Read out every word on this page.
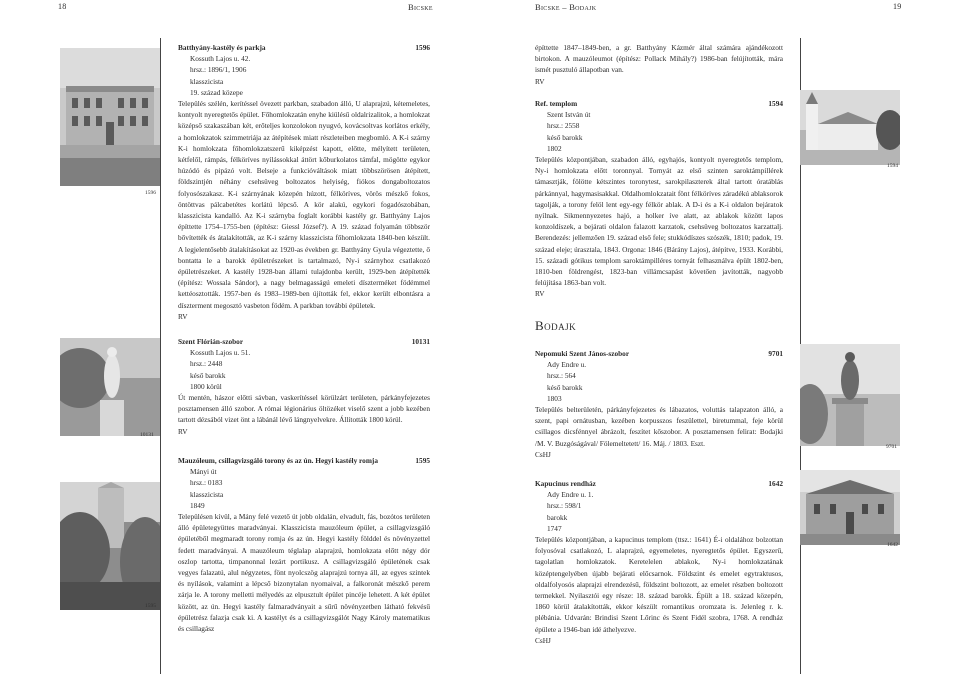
18	Bicske	Bicske – Bodajk	19
1596
10131
1595
1594
9701
1642
Batthyány-kastély és parkja	1596
Kossuth Lajos u. 42.
hrsz.: 1896/1, 1906
klasszicista
19. század közepe

Település szélén, kerítéssel övezett parkban, szabadon álló, U alaprajzú, kétemeletes, kontyolt nyeregtetős épület. Főhomlokzatán enyhe kiülésű oldalrizalitok, a homlokzat középső szakaszában két, erőteljes konzolokon nyugvó, kovácsoltvas korlátos erkély, a homlokzatok szimmetriája az átépítések miatt részleteiben megbomló. A K-i szárny K-i homlokzata főhomlokzatszerű kiképzést kapott, előtte, mélyített területen, kétfelől, rámpás, félköríves nyílássokkal áttört kőburkolatos támfal, mögötte egykor húzódó és pipázó volt. Belseje a funkcióváltások miatt többszörösen átépített, földszintjén néhány csehsüveg boltozatos helyiség, fiókos dongaboltozatos folyosószakasz. K-i szárnyának közepén húzott, félköríves, vörös mészkő fokos, öntöttvas pálcabetétes korlátú lépcső. A kör alakú, egykori fogadószobában, klasszicista kandalló. Az K-i szárnyba foglalt korábbi kastély gr. Batthyány Lajos építtette 1754–1755-ben (építész: Giessl József?). A 19. század folyamán többször bővítették és átalakították, az K-i szárny klasszicista főhomlokzata 1840-ben készült. A legjelentősebb átalakításokat az 1920-as években gr. Batthyány Gyula végeztette, ő bontatta le a barokk épületrészeket is tartalmazó, Ny-i szárnyhoz csatlakozó épületrészeket. A kastély 1928-ban állami tulajdonba került, 1929-ben átépítették (építész: Wossala Sándor), a nagy belmagasságú emeleti díszterméket födémmel kettéosztották. 1957-ben és 1983–1989-ben újították fel, ekkor került elbontásra a díszterment megosztó vasbeton födém. A parkban további épületek.

RV
Szent Flórián-szobor	10131
Kossuth Lajos u. 51.
hrsz.: 2448
késő barokk
1800 körül

Út mentén, hászor előtti sávban, vaskerítéssel körülzárt területen, párkányfejezetes posztamensen álló szobor. A római légionárius öltözéket viselő szent a jobb kezében tartott dézsából vizet önt a lábánál lévő lángnyelvekre. Állították 1800 körül.

RV
Mauzóleum, csillagvizsgáló torony és az ún. Hegyi kastély romja	1595
Mányi út
hrsz.: 0183
klasszicista
1849

Településen kívül, a Mány felé vezető út jobb oldalán, elvadult, fás, bozótos területen álló épületegyüttes maradványai. Klasszicista mauzóleum épület, a csillagvizsgáló épületéből megmaradt torony romja és az ún. Hegyi kastély földdel és növényzettel fedett maradványai. A mauzóleum téglalap alaprajzú, homlokzata előtt négy dór oszlop tartotta, timpanonnal lezárt portikusz. A csillagvizsgáló épületének csak vegyes falazatú, alul négyzetes, fönt nyolcszög alaprajzú tornya áll, az egyes szintek és nyílások, valamint a lépcső bizonytalan nyomaival, a falkoronát mészkő perem zárja le. A torony melletti mélyedés az elpusztult épület pincéje lehetett. A két épület között, az ún. Hegyi kastély falmaradványait a sűrű növényzetben látható fekvésű épületrész falazja csak ki. A kastélyt és a csillagvizsgálót Nagy Károly matematikus és csillagász

építtette 1847–1849-ben, a gr. Batthyány Kázmér által számára ajándékozott birtokon. A mauzóleumot (építész: Pollack Mihály?) 1986-ban felújították, mára ismét pusztuló állapotban van.

RV
Ref. templom	1594
Szent István út
hrsz.: 2558
késő barokk
1802

Település központjában, szabadon álló, egyhajós, kontyolt nyeregtetős templom, Ny-i homlokzata előtt toronnyal. Tornyát az első szinten saroktámpillérek támasztják, fölötte kétszintes toronytest, sarokpilaszterek által tartott óratáblás párkánnyal, hagymasisakkal. Oldalhomlokzatait fönt félköríves záradékú ablaksorok tagolják, a torony felöl lent egy-egy félkör ablak. A D-i és a K-i oldalon bejáratok nyílnak. Sikmennyezetes hajó, a holker íve alatt, az ablakok között lapos konzoldíszek, a bejárati oldalon falazott karzatok, csehsüveg boltozatos karzattalj. Berendezés: jellemzően 19. század első fele; stukkódíszes szószék, 1810; padok, 19. század eleje; úrasztala, 1843. Orgona: 1846 (Bárány Lajos), átépítve, 1933. Korábbi, 15. századi gótikus templom saroktámpilléres tornyát felhasználva épült 1802-ben, 1810-ben földrengést, 1823-ban villámcsapást követően javították, nagyobb felújítása 1863-ban volt.

RV
Bodajk
Nepomuki Szent János-szobor	9701
Ady Endre u.
hrsz.: 564
késő barokk
1803

Település belterületén, párkányfejezetes és lábazatos, voluttás talapzaton álló, a szent, papi ornátusban, kezében korpusszos feszülettel, biretummal, feje körül csillagos dicsfénnyel ábrázolt, feszítet kőszobor. A posztamensen felirat: Bodajki /M. V. Buzgóságával/ Fölemeltetett/ 16. Máj. / 1803. Eszt.

CsHJ
Kapucinus rendház	1642
Ady Endre u. 1.
hrsz.: 598/1
barokk
1747

Település központjában, a kapucinus templom (ttsz.: 1641) É-i oldalához bolzottan folyosóval csatlakozó, L alaprajzú, egyemeletes, nyeregtetős épület. Egyszerű, tagolatlan homlokzatok. Keretelelen ablakok, Ny-i homlokzatának középtengelyében újabb bejárati előcsarnok. Földszint és emelet egytraktusos, oldalfolyosós alaprajzi elrendezésű, földszint boltozott, az emelet részben boltozott termekkel. Nyilasztói egy része: 18. század barokk. Épült a 18. század közepén, 1860 körül átalakították, ekkor készült romantikus oromzata is. Jelenleg r. k. plébánia. Udvarán: Brindisi Szent Lőrinc és Szent Fidél szobra, 1768. A rendház épülete a 1946-ban idé áthelyezve.

CsHJ
